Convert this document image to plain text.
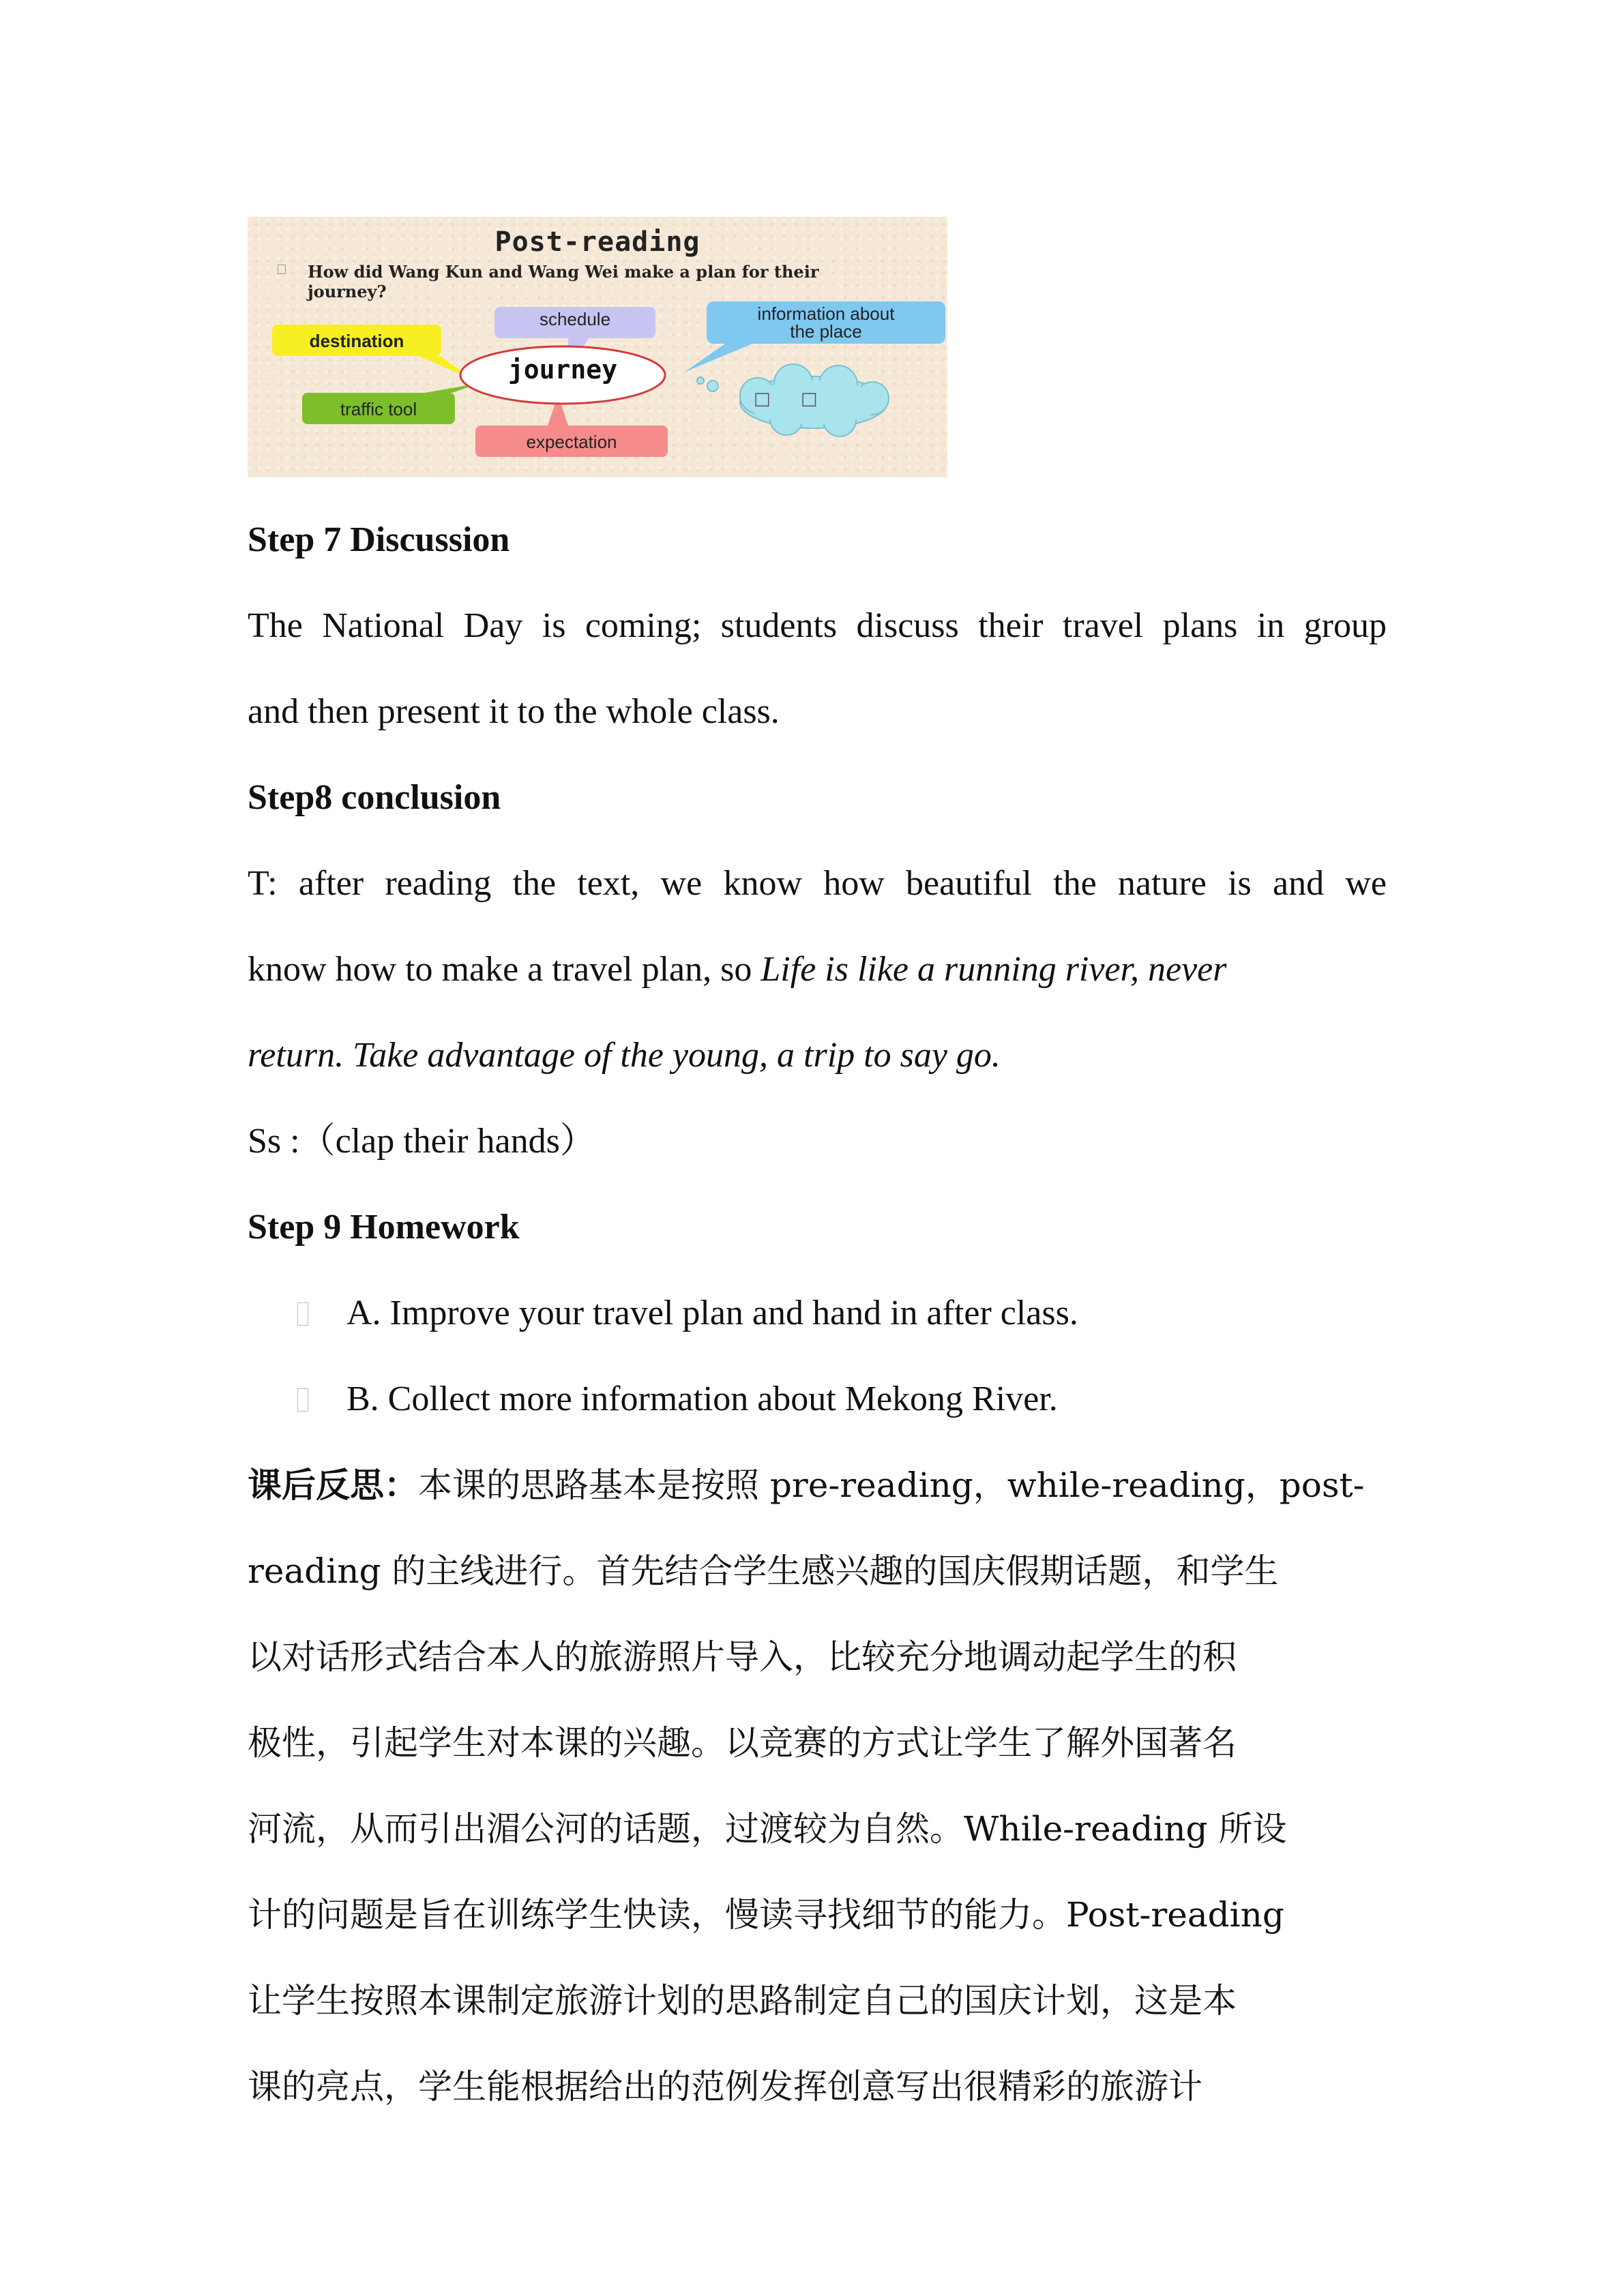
Post-reading
How did Wang Kun and Wang Wei make a plan for their journey?
schedule	information about
the place
destination
traffic tool
expectation
journey
□ □
Step 7 Discussion
The National Day is coming; students discuss their travel plans in group
and then present it to the whole class.
Step8 conclusion
T: after reading the text, we know how beautiful the nature is and we
know how to make a travel plan, so Life is like a running river, never
return. Take advantage of the young, a trip to say go.
Ss :（clap their hands）
Step 9 Homework
A. Improve your travel plan and hand in after class.
B. Collect more information about Mekong River.
课后反思：本课的思路基本是按照 pre-reading，while-reading，post-
reading 的主线进行。首先结合学生感兴趣的国庆假期话题，和学生
以对话形式结合本人的旅游照片导入，比较充分地调动起学生的积
极性，引起学生对本课的兴趣。以竞赛的方式让学生了解外国著名
河流，从而引出湄公河的话题，过渡较为自然。While-reading 所设
计的问题是旨在训练学生快读，慢读寻找细节的能力。Post-reading
让学生按照本课制定旅游计划的思路制定自己的国庆计划，这是本
课的亮点，学生能根据给出的范例发挥创意写出很精彩的旅游计
